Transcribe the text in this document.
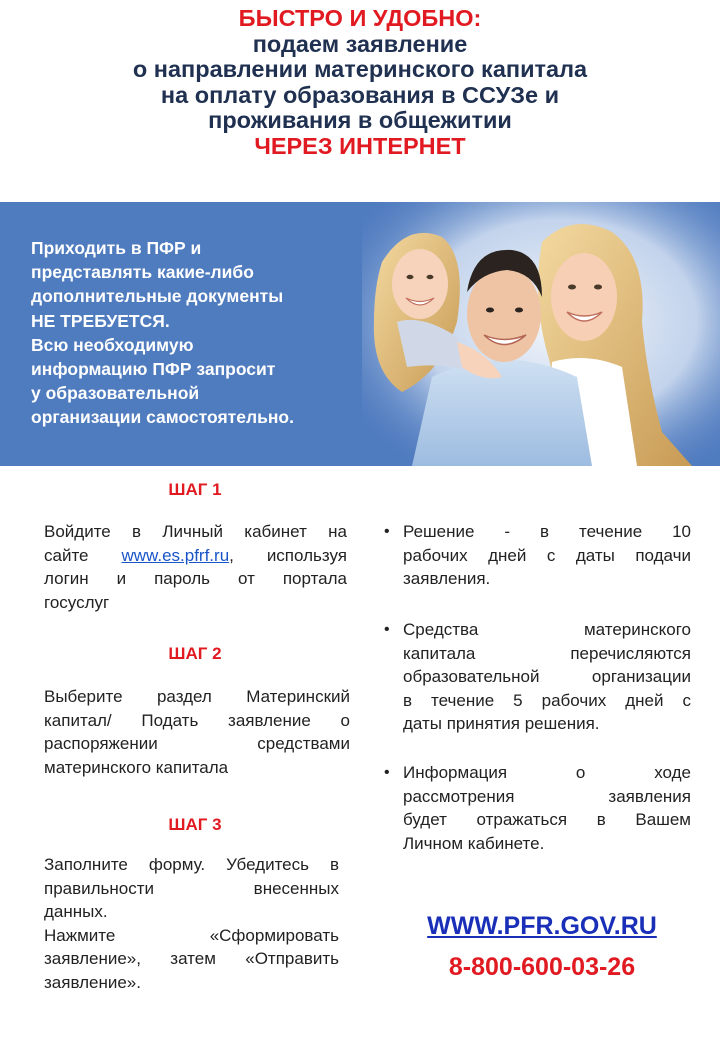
БЫСТРО И УДОБНО:
подаем заявление
о направлении материнского капитала
на оплату образования в ССУЗе и
проживания в общежитии
ЧЕРЕЗ ИНТЕРНЕТ
Приходить в ПФР и
представлять какие-либо
дополнительные документы
НЕ ТРЕБУЕТСЯ.
Всю необходимую
информацию ПФР запросит
у образовательной
организации самостоятельно.
ШАГ 1
Войдите в Личный кабинет на
сайте www.es.pfrf.ru, используя
логин и пароль от портала
госуслуг
ШАГ 2
Выберите раздел Материнский
капитал/ Подать заявление о
распоряжении средствами
материнского капитала
ШАГ 3
Заполните форму. Убедитесь в
правильности внесенных
данных.
Нажмите «Сформировать
заявление», затем «Отправить
заявление».
• Решение - в течение 10
рабочих дней с даты подачи
заявления.
• Средства материнского
капитала перечисляются
образовательной организации
в течение 5 рабочих дней с
даты принятия решения.
• Информация о ходе
рассмотрения заявления
будет отражаться в Вашем
Личном кабинете.
WWW.PFR.GOV.RU
8-800-600-03-26
